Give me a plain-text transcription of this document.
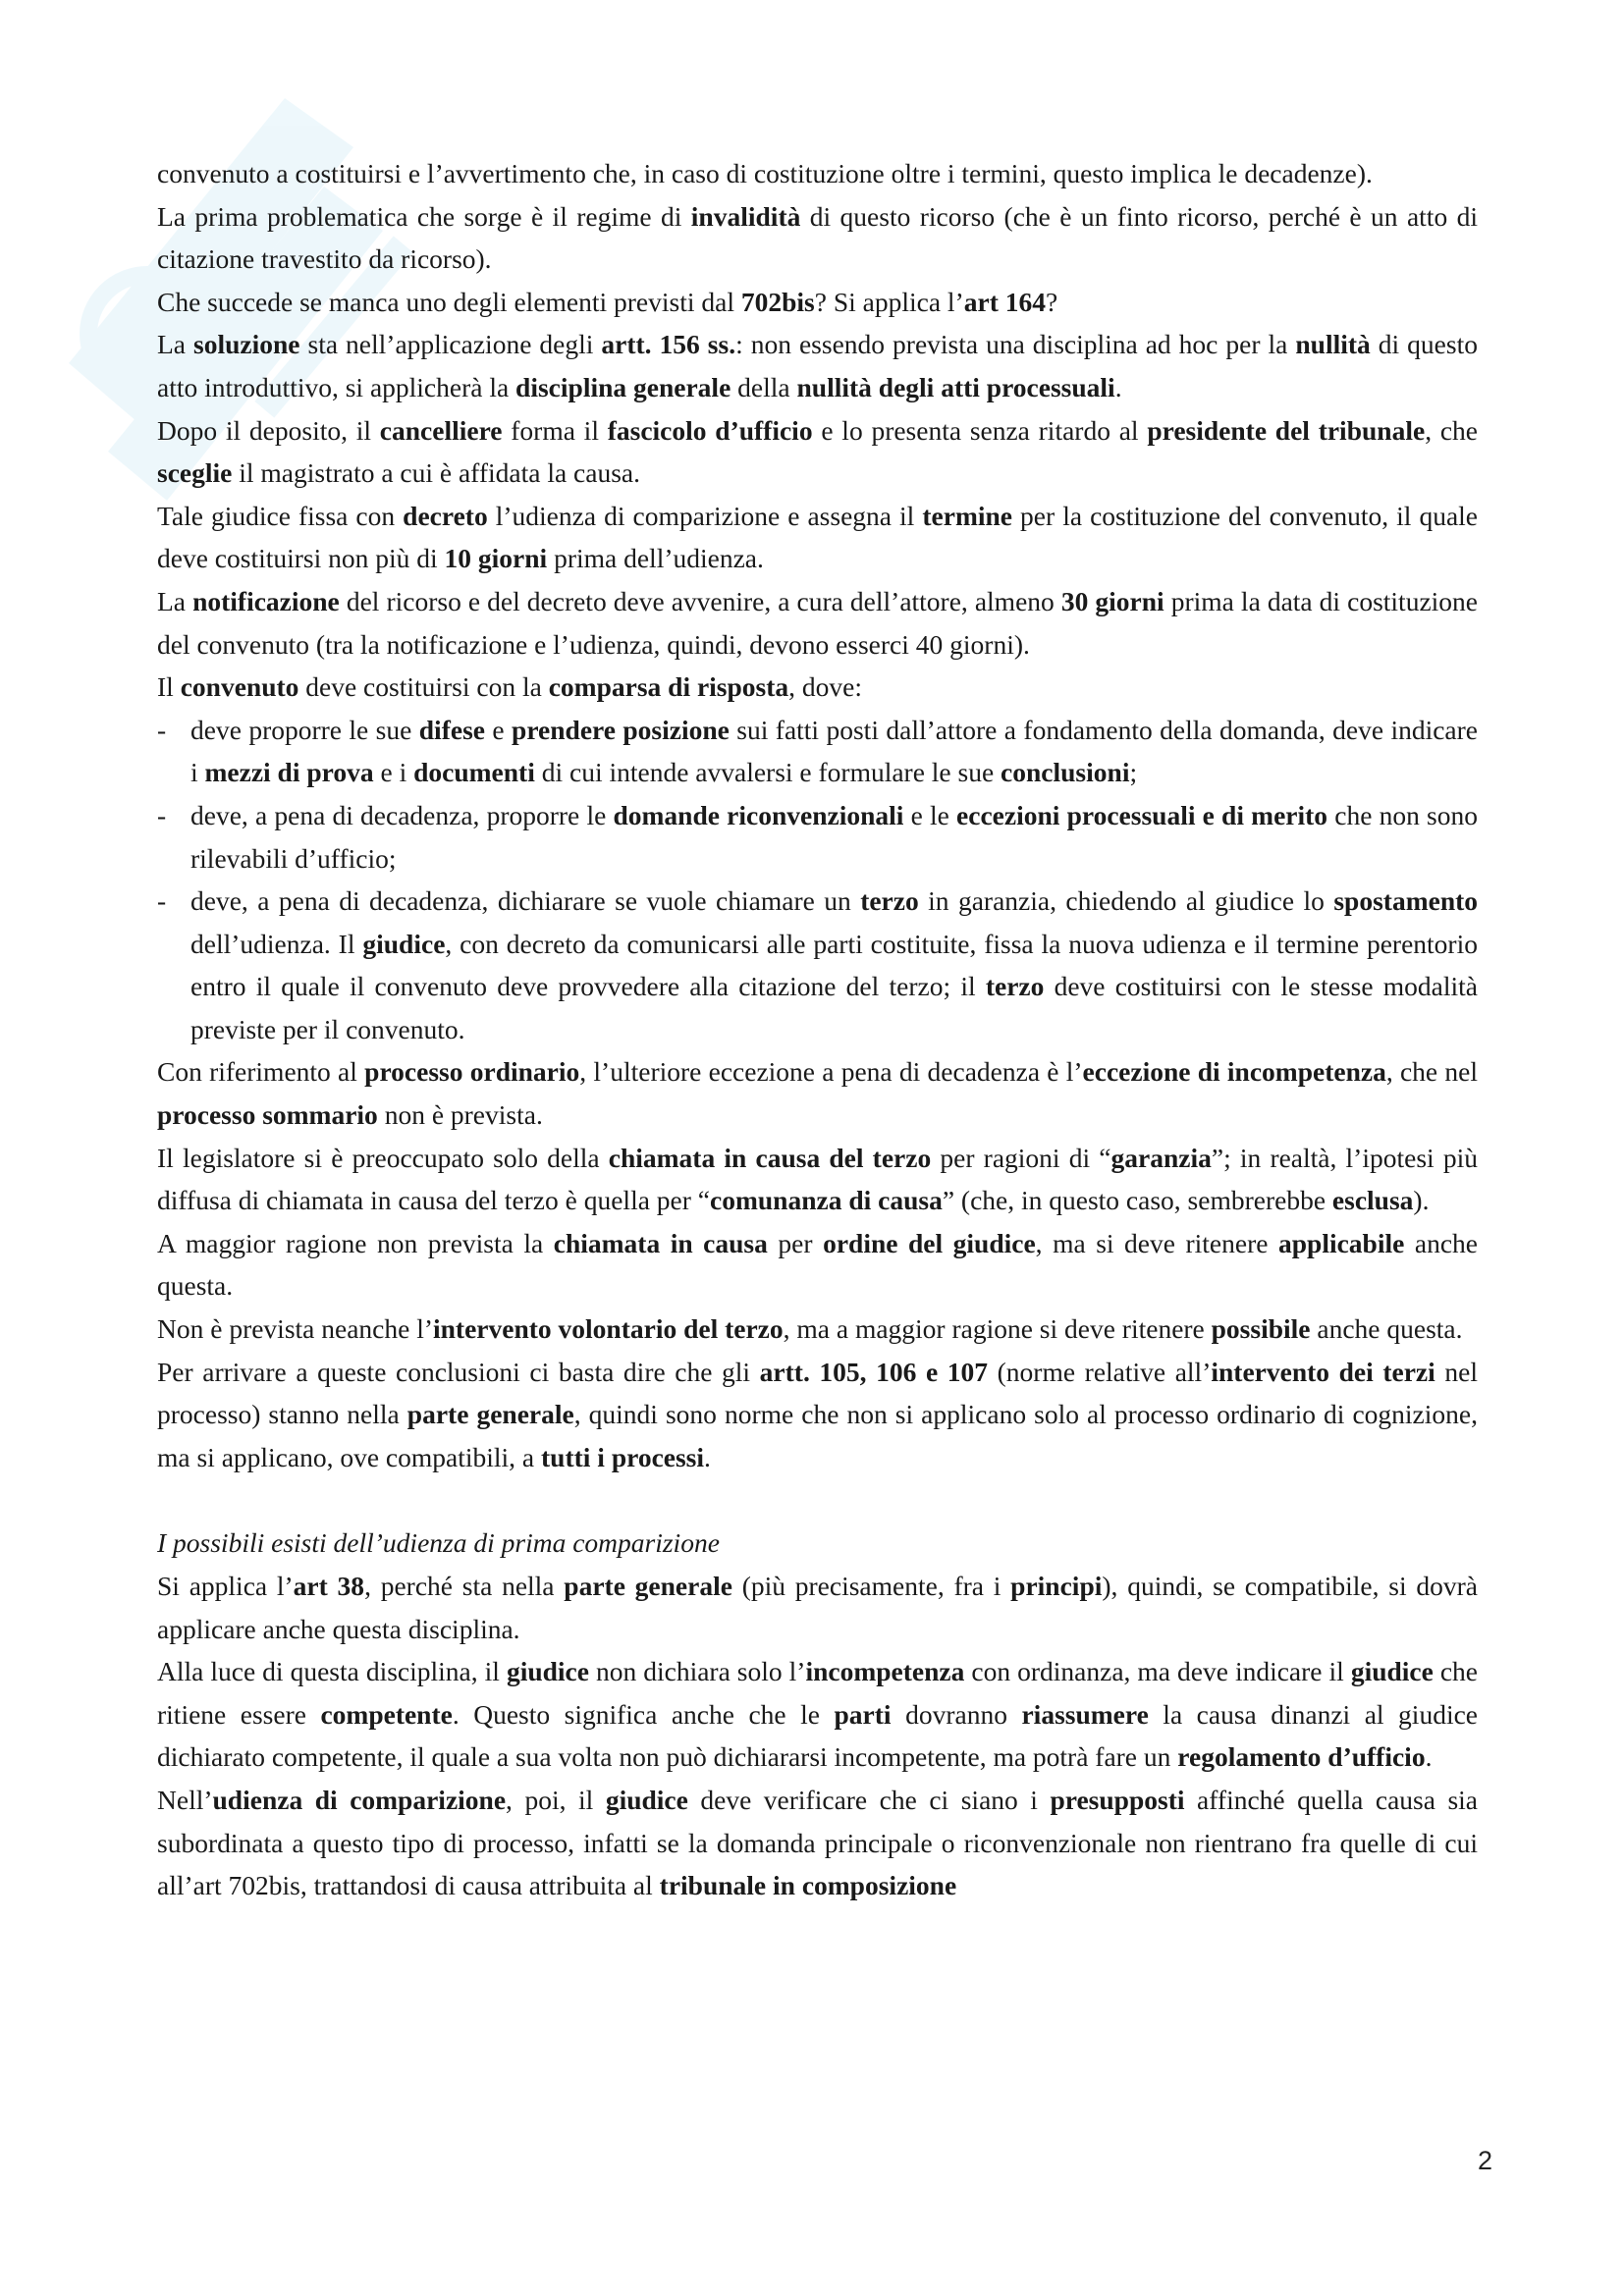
convenuto a costituirsi e l’avvertimento che, in caso di costituzione oltre i termini, questo implica le decadenze).

La prima problematica che sorge è il regime di invalidità di questo ricorso (che è un finto ricorso, perché è un atto di citazione travestito da ricorso).

Che succede se manca uno degli elementi previsti dal 702bis? Si applica l’art 164?

La soluzione sta nell’applicazione degli artt. 156 ss.: non essendo prevista una disciplina ad hoc per la nullità di questo atto introduttivo, si applicherà la disciplina generale della nullità degli atti processuali.

Dopo il deposito, il cancelliere forma il fascicolo d’ufficio e lo presenta senza ritardo al presidente del tribunale, che sceglie il magistrato a cui è affidata la causa.

Tale giudice fissa con decreto l’udienza di comparizione e assegna il termine per la costituzione del convenuto, il quale deve costituirsi non più di 10 giorni prima dell’udienza.

La notificazione del ricorso e del decreto deve avvenire, a cura dell’attore, almeno 30 giorni prima la data di costituzione del convenuto (tra la notificazione e l’udienza, quindi, devono esserci 40 giorni).

Il convenuto deve costituirsi con la comparsa di risposta, dove:

- deve proporre le sue difese e prendere posizione sui fatti posti dall’attore a fondamento della domanda, deve indicare i mezzi di prova e i documenti di cui intende avvalersi e formulare le sue conclusioni;
- deve, a pena di decadenza, proporre le domande riconvenzionali e le eccezioni processuali e di merito che non sono rilevabili d’ufficio;
- deve, a pena di decadenza, dichiarare se vuole chiamare un terzo in garanzia, chiedendo al giudice lo spostamento dell’udienza. Il giudice, con decreto da comunicarsi alle parti costituite, fissa la nuova udienza e il termine perentorio entro il quale il convenuto deve provvedere alla citazione del terzo; il terzo deve costituirsi con le stesse modalità previste per il convenuto.

Con riferimento al processo ordinario, l’ulteriore eccezione a pena di decadenza è l’eccezione di incompetenza, che nel processo sommario non è prevista.

Il legislatore si è preoccupato solo della chiamata in causa del terzo per ragioni di “garanzia”; in realtà, l’ipotesi più diffusa di chiamata in causa del terzo è quella per “comunanza di causa” (che, in questo caso, sembrerebbe esclusa).

A maggior ragione non prevista la chiamata in causa per ordine del giudice, ma si deve ritenere applicabile anche questa.

Non è prevista neanche l’intervento volontario del terzo, ma a maggior ragione si deve ritenere possibile anche questa.

Per arrivare a queste conclusioni ci basta dire che gli artt. 105, 106 e 107 (norme relative all’intervento dei terzi nel processo) stanno nella parte generale, quindi sono norme che non si applicano solo al processo ordinario di cognizione, ma si applicano, ove compatibili, a tutti i processi.

I possibili esisti dell’udienza di prima comparizione

Si applica l’art 38, perché sta nella parte generale (più precisamente, fra i principi), quindi, se compatibile, si dovrà applicare anche questa disciplina.

Alla luce di questa disciplina, il giudice non dichiara solo l’incompetenza con ordinanza, ma deve indicare il giudice che ritiene essere competente. Questo significa anche che le parti dovranno riassumere la causa dinanzi al giudice dichiarato competente, il quale a sua volta non può dichiararsi incompetente, ma potrà fare un regolamento d’ufficio.

Nell’udienza di comparizione, poi, il giudice deve verificare che ci siano i presupposti affinché quella causa sia subordinata a questo tipo di processo, infatti se la domanda principale o riconvenzionale non rientrano fra quelle di cui all’art 702bis, trattandosi di causa attribuita al tribunale in composizione

2
